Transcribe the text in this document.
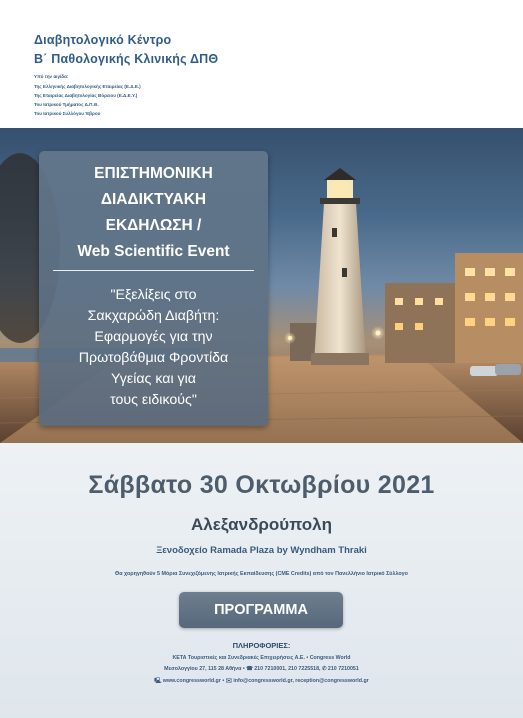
Διαβητολογικό Κέντρο
Β΄ Παθολογικής Κλινικής ΔΠΘ
Υπό την αιγίδα:
Της Ελληνικής Διαβητολογικής Εταιρείας (Ε.Δ.Ε.)
Της Εταιρείας Διαβητολογίας Βόρειου (Ε.Δ.Ε.Υ.)
Του Ιατρικού Τμήματος Δ.Π.Θ.
Του Ιατρικού Συλλόγου Έβρου
ΕΠΙΣΤΗΜΟΝΙΚΗ
ΔΙΑΔΙΚΤΥΑΚΗ
ΕΚΔΗΛΩΣΗ /
Web Scientific Event
"Εξελίξεις στο
Σακχαρώδη Διαβήτη:
Εφαρμογές για την
Πρωτοβάθμια Φροντίδα
Υγείας και για
τους ειδικούς"
Σάββατο 30 Οκτωβρίου 2021
Αλεξανδρούπολη
Ξενοδοχείο Ramada Plaza by Wyndham Thraki
Θα χορηγηθούν 5 Μόρια Συνεχιζόμενης Ιατρικής Εκπαίδευσης (CME Credits) από τον Πανελλήνιο Ιατρικό Σύλλογο
ΠΡΟΓΡΑΜΜΑ
ΠΛΗΡΟΦΟΡΙΕΣ:
ΚΕΤΑ Τουριστικές και Συνεδριακές Επιχειρήσεις Α.Ε. • Congress World
Μεσολογγίου 27, 115 28 Αθήνα • ☎ 210 7210001, 210 7225518, ✆ 210 7210051
🖳 www.congressworld.gr • ✉ info@congressworld.gr, reception@congressworld.gr
